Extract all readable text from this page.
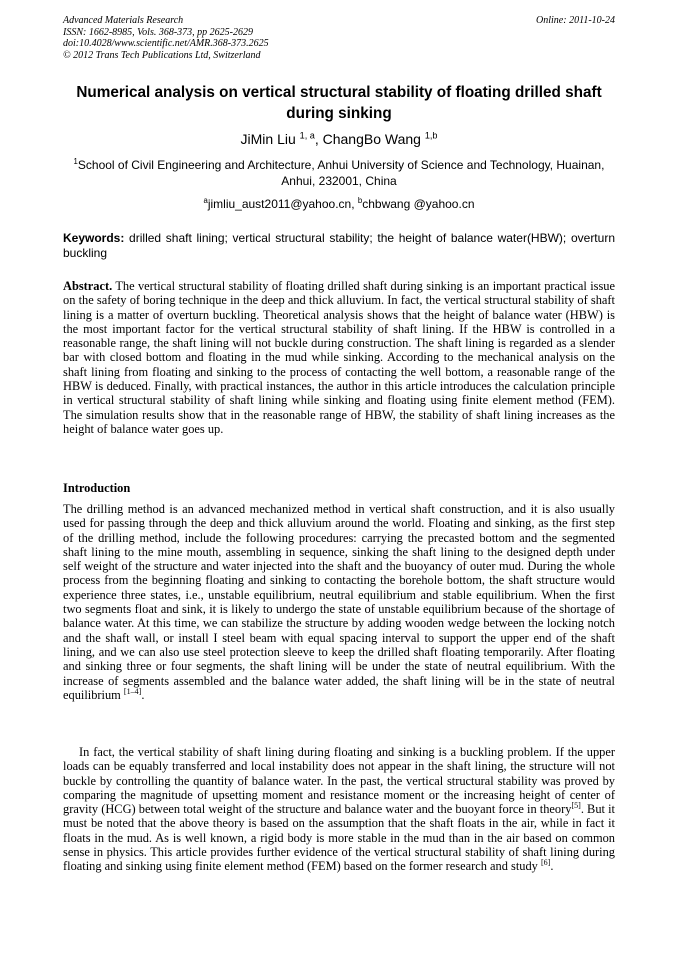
Advanced Materials Research
ISSN: 1662-8985, Vols. 368-373, pp 2625-2629
doi:10.4028/www.scientific.net/AMR.368-373.2625
© 2012 Trans Tech Publications Ltd, Switzerland
Online: 2011-10-24
Numerical analysis on vertical structural stability of floating drilled shaft
during sinking
JiMin Liu $^{1, a}$, ChangBo Wang $^{1,b}$
$^1$School of Civil Engineering and Architecture, Anhui University of Science and Technology, Huainan,
Anhui, 232001, China
$^a$jimliu_aust2011@yahoo.cn, $^b$chbwang @yahoo.cn
Keywords: drilled shaft lining; vertical structural stability; the height of balance water(HBW); overturn buckling
Abstract. The vertical structural stability of floating drilled shaft during sinking is an important practical issue on the safety of boring technique in the deep and thick alluvium. In fact, the vertical structural stability of shaft lining is a matter of overturn buckling. Theoretical analysis shows that the height of balance water (HBW) is the most important factor for the vertical structural stability of shaft lining. If the HBW is controlled in a reasonable range, the shaft lining will not buckle during construction. The shaft lining is regarded as a slender bar with closed bottom and floating in the mud while sinking. According to the mechanical analysis on the shaft lining from floating and sinking to the process of contacting the well bottom, a reasonable range of the HBW is deduced. Finally, with practical instances, the author in this article introduces the calculation principle in vertical structural stability of shaft lining while sinking and floating using finite element method (FEM). The simulation results show that in the reasonable range of HBW, the stability of shaft lining increases as the height of balance water goes up.
Introduction
The drilling method is an advanced mechanized method in vertical shaft construction, and it is also usually used for passing through the deep and thick alluvium around the world. Floating and sinking, as the first step of the drilling method, include the following procedures: carrying the precasted bottom and the segmented shaft lining to the mine mouth, assembling in sequence, sinking the shaft lining to the designed depth under self weight of the structure and water injected into the shaft and the buoyancy of outer mud. During the whole process from the beginning floating and sinking to contacting the borehole bottom, the shaft structure would experience three states, i.e., unstable equilibrium, neutral equilibrium and stable equilibrium. When the first two segments float and sink, it is likely to undergo the state of unstable equilibrium because of the shortage of balance water. At this time, we can stabilize the structure by adding wooden wedge between the locking notch and the shaft wall, or install I steel beam with equal spacing interval to support the upper end of the shaft lining, and we can also use steel protection sleeve to keep the drilled shaft floating temporarily. After floating and sinking three or four segments, the shaft lining will be under the state of neutral equilibrium. With the increase of segments assembled and the balance water added, the shaft lining will be in the state of neutral equilibrium [1–4].
In fact, the vertical stability of shaft lining during floating and sinking is a buckling problem. If the upper loads can be equably transferred and local instability does not appear in the shaft lining, the structure will not buckle by controlling the quantity of balance water. In the past, the vertical structural stability was proved by comparing the magnitude of upsetting moment and resistance moment or the increasing height of center of gravity (HCG) between total weight of the structure and balance water and the buoyant force in theory[5]. But it must be noted that the above theory is based on the assumption that the shaft floats in the air, while in fact it floats in the mud. As is well known, a rigid body is more stable in the mud than in the air based on common sense in physics. This article provides further evidence of the vertical structural stability of shaft lining during floating and sinking using finite element method (FEM) based on the former research and study [6].
